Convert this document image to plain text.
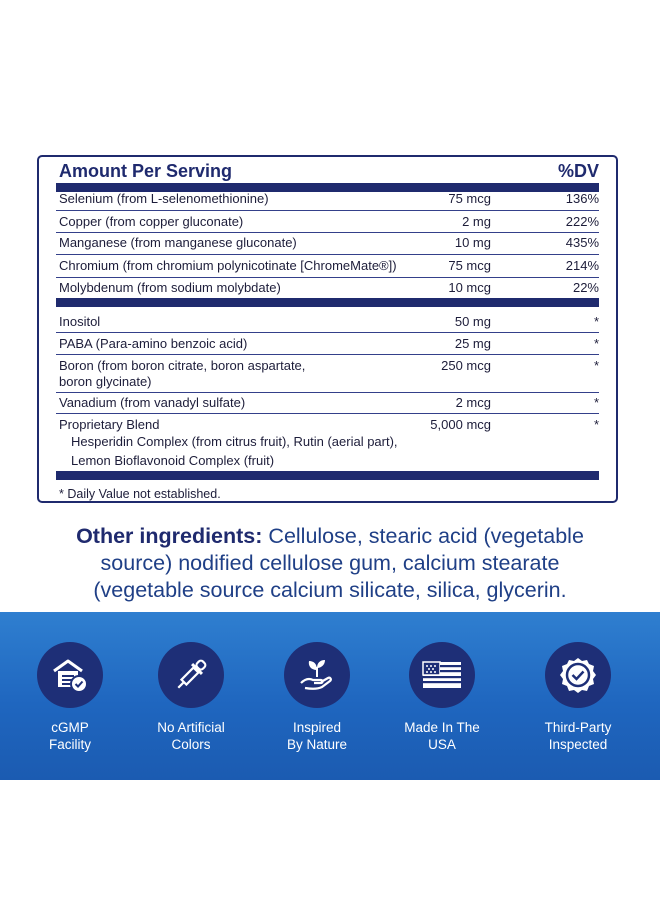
Amount Per Serving	%DV
Selenium (from L-selenomethionine)	75 mcg	136%
Copper (from copper gluconate)	2 mg	222%
Manganese (from manganese gluconate)	10 mg	435%
Chromium (from chromium polynicotinate [ChromeMate®])	75 mcg	214%
Molybdenum (from sodium molybdate)	10 mcg	22%
Inositol	50 mg	*
PABA (Para-amino benzoic acid)	25 mg	*
Boron (from boron citrate, boron aspartate,
boron glycinate)
250 mcg	*
Vanadium (from vanadyl sulfate)	2 mcg	*
Proprietary Blend	5,000 mcg	*
Hesperidin Complex (from citrus fruit), Rutin (aerial part),
Lemon Bioflavonoid Complex (fruit)
* Daily Value not established.
Other ingredients: Cellulose, stearic acid (vegetable
source) nodified cellulose gum, calcium stearate
(vegetable source calcium silicate, silica, glycerin.
cGMP
Facility
No Artificial
Colors
Inspired
By Nature
Made In The
USA
Third-Party
Inspected
